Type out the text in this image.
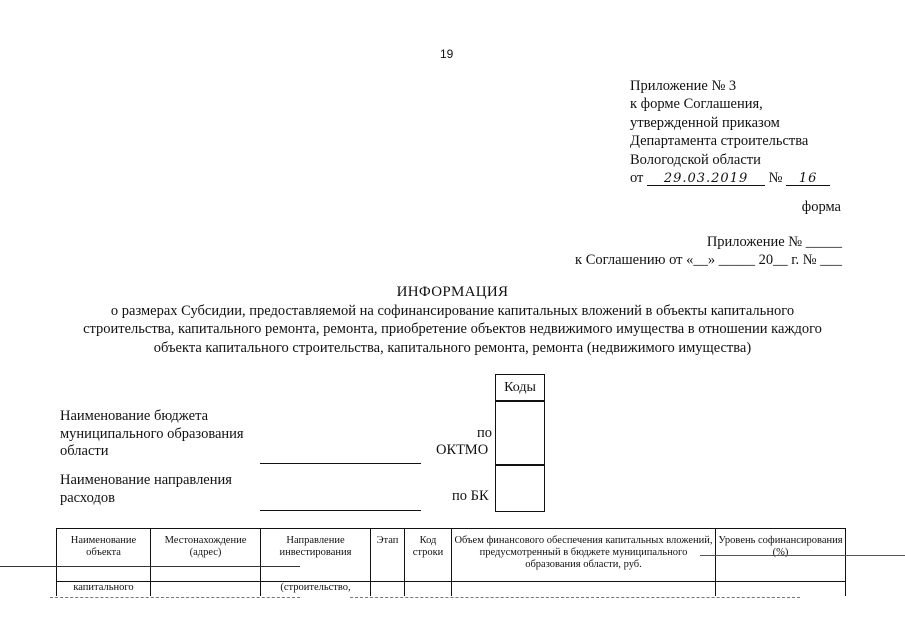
19
Приложение № 3
к форме Соглашения,
утвержденной приказом
Департамента строительства
Вологодской области
от 29.03.2019 № 16
форма
Приложение № _____
к Соглашению от «__» _____ 20__ г. № ___
ИНФОРМАЦИЯ
о размерах Субсидии, предоставляемой на софинансирование капитальных вложений в объекты капитального
строительства, капитального ремонта, ремонта, приобретение объектов недвижимого имущества в отношении каждого
объекта капитального строительства, капитального ремонта, ремонта (недвижимого имущества)
Коды
Наименование бюджета
муниципального образования
области
по
ОКТМО
Наименование направления
расходов	по БК
Наименование объекта	Местонахождение (адрес)	Направление инвестирования	Этап	Код строки	Объем финансового обеспечения капитальных вложений, предусмотренный в бюджете муниципального образования области, руб.	Уровень софинансирования (%)
капитального		(строительство,				
